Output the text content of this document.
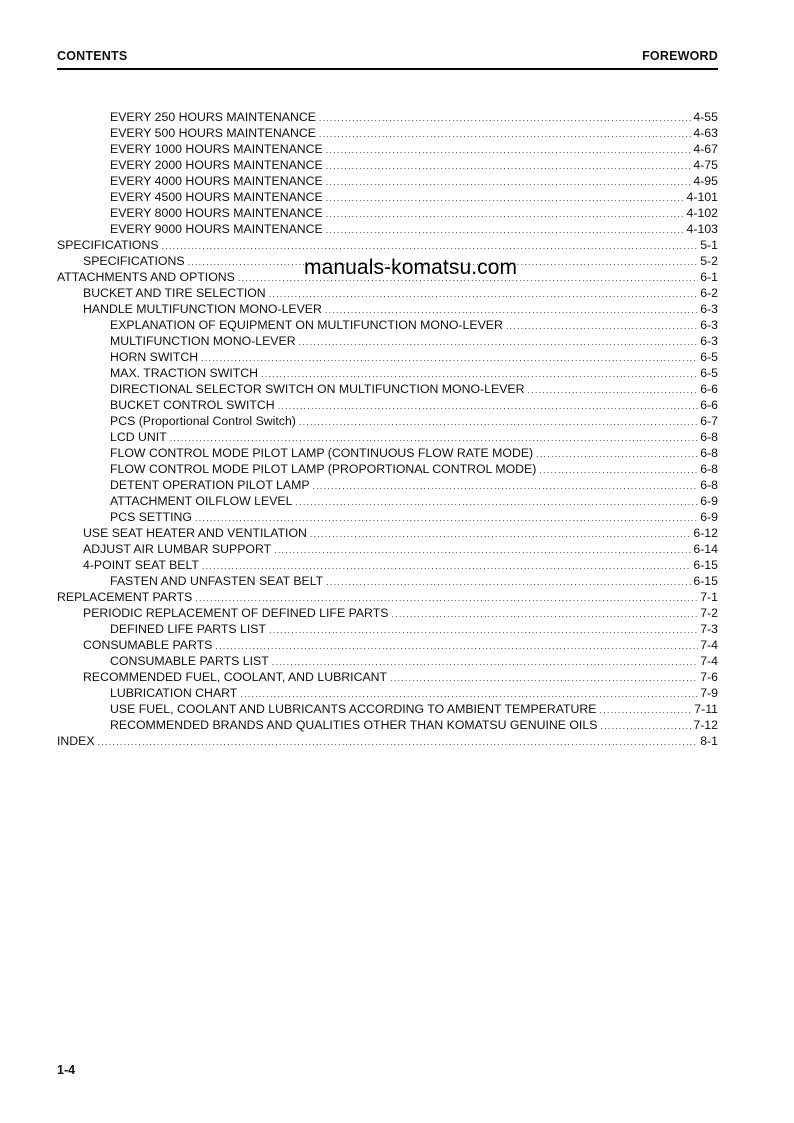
CONTENTS	FOREWORD
EVERY 250 HOURS MAINTENANCE .....	4-55
EVERY 500 HOURS MAINTENANCE .....	4-63
EVERY 1000 HOURS MAINTENANCE .....	4-67
EVERY 2000 HOURS MAINTENANCE .....	4-75
EVERY 4000 HOURS MAINTENANCE .....	4-95
EVERY 4500 HOURS MAINTENANCE .....	4-101
EVERY 8000 HOURS MAINTENANCE .....	4-102
EVERY 9000 HOURS MAINTENANCE .....	4-103
SPECIFICATIONS .....	5-1
SPECIFICATIONS .....	5-2
ATTACHMENTS AND OPTIONS .....	6-1
BUCKET AND TIRE SELECTION .....	6-2
HANDLE MULTIFUNCTION MONO-LEVER .....	6-3
EXPLANATION OF EQUIPMENT ON MULTIFUNCTION MONO-LEVER .....	6-3
MULTIFUNCTION MONO-LEVER .....	6-3
HORN SWITCH .....	6-5
MAX. TRACTION SWITCH .....	6-5
DIRECTIONAL SELECTOR SWITCH ON MULTIFUNCTION MONO-LEVER .....	6-6
BUCKET CONTROL SWITCH .....	6-6
PCS (Proportional Control Switch) .....	6-7
LCD UNIT .....	6-8
FLOW CONTROL MODE PILOT LAMP (CONTINUOUS FLOW RATE MODE) .....	6-8
FLOW CONTROL MODE PILOT LAMP (PROPORTIONAL CONTROL MODE) .....	6-8
DETENT OPERATION PILOT LAMP .....	6-8
ATTACHMENT OILFLOW LEVEL .....	6-9
PCS SETTING .....	6-9
USE SEAT HEATER AND VENTILATION .....	6-12
ADJUST AIR LUMBAR SUPPORT .....	6-14
4-POINT SEAT BELT .....	6-15
FASTEN AND UNFASTEN SEAT BELT .....	6-15
REPLACEMENT PARTS .....	7-1
PERIODIC REPLACEMENT OF DEFINED LIFE PARTS .....	7-2
DEFINED LIFE PARTS LIST .....	7-3
CONSUMABLE PARTS .....	7-4
CONSUMABLE PARTS LIST .....	7-4
RECOMMENDED FUEL, COOLANT, AND LUBRICANT .....	7-6
LUBRICATION CHART .....	7-9
USE FUEL, COOLANT AND LUBRICANTS ACCORDING TO AMBIENT TEMPERATURE .....	7-11
RECOMMENDED BRANDS AND QUALITIES OTHER THAN KOMATSU GENUINE OILS .....	7-12
INDEX .....	8-1
manuals-komatsu.com
1-4
